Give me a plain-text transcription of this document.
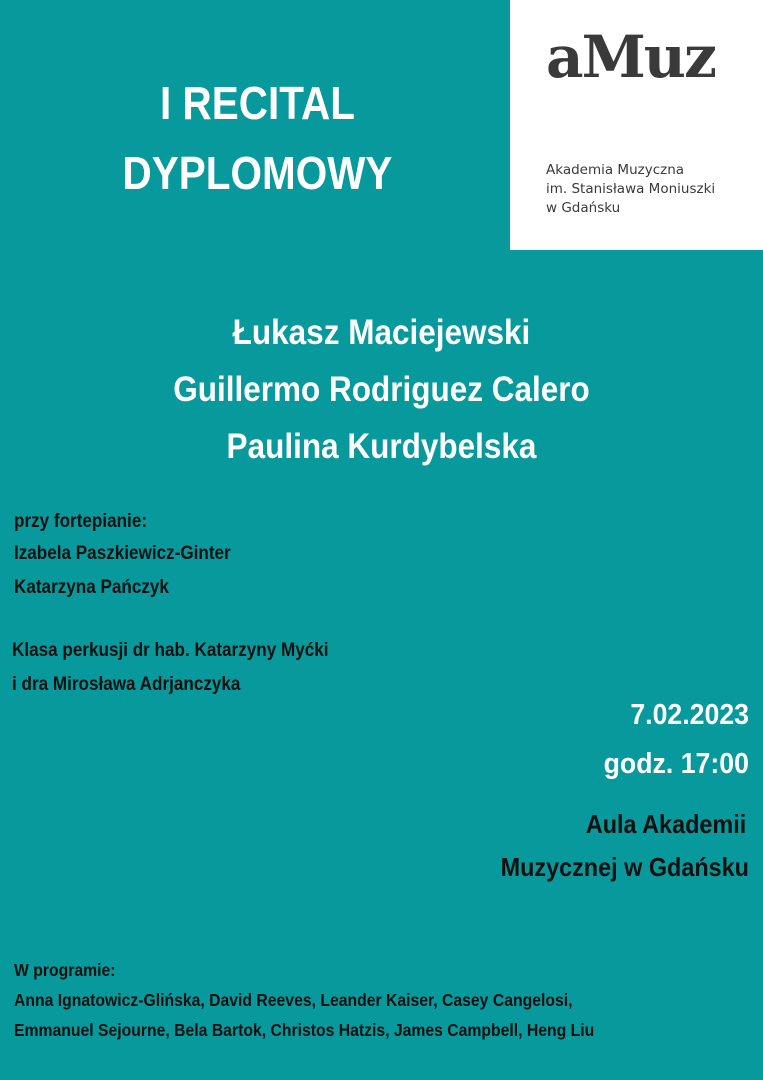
I RECITAL
DYPLOMOWY
aMuz
Akademia Muzyczna
im. Stanisława Moniuszki
w Gdańsku
Łukasz Maciejewski
Guillermo Rodriguez Calero
Paulina Kurdybelska
przy fortepianie:
Izabela Paszkiewicz-Ginter
Katarzyna Pańczyk
Klasa perkusji dr hab. Katarzyny Myćki
i dra Mirosława Adrjanczyka
7.02.2023
godz. 17:00
Aula Akademii
Muzycznej w Gdańsku
W programie:
Anna Ignatowicz-Glińska, David Reeves, Leander Kaiser, Casey Cangelosi,
Emmanuel Sejourne, Bela Bartok, Christos Hatzis, James Campbell, Heng Liu
